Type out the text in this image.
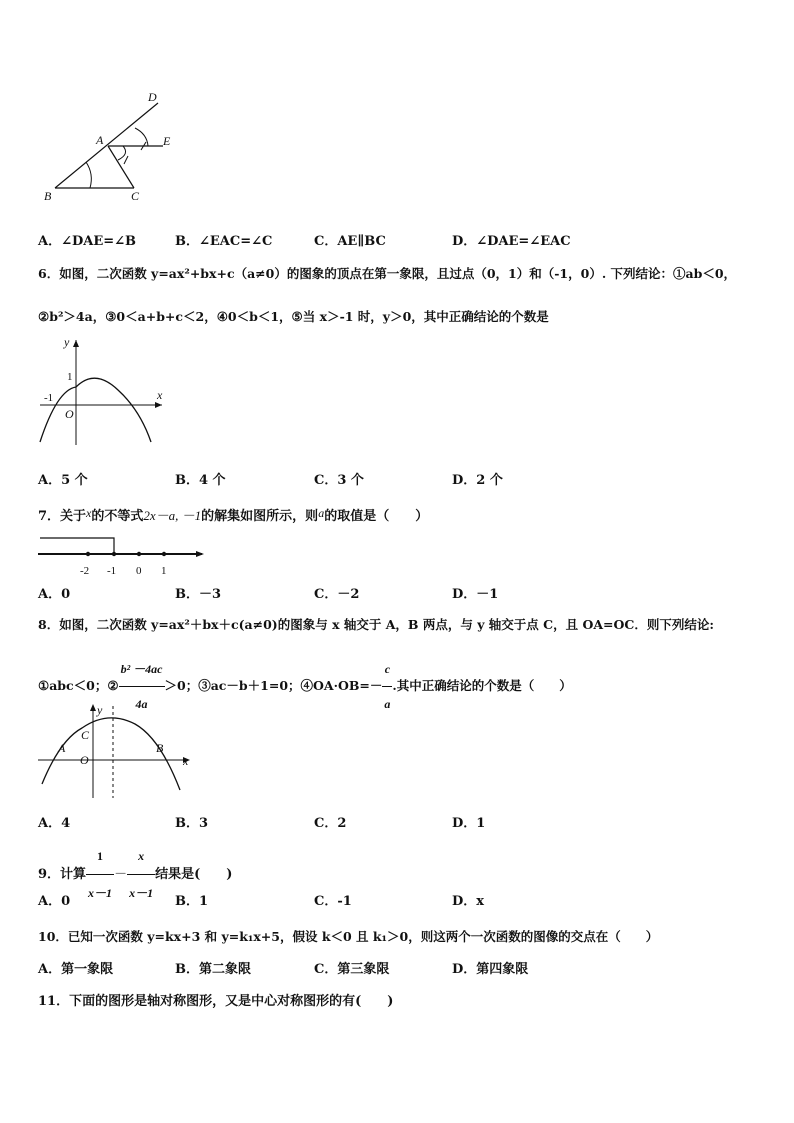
D
A	E
B	C
A．∠DAE=∠B	B．∠EAC=∠C	C．AE∥BC	D．∠DAE=∠EAC
6．如图，二次函数 y=ax²+bx+c（a≠0）的图象的顶点在第一象限，且过点（0，1）和（-1，0）. 下列结论：①ab＜0，
②b²＞4a，③0＜a+b+c＜2，④0＜b＜1，⑤当 x＞-1 时，y＞0，其中正确结论的个数是
y
x
1
-1
O
A．5 个	B．4 个	C．3 个	D．2 个
7．关于x的不等式2x－a, －1的解集如图所示，则a的取值是（　　）
-2 -1 0 1
A．0	B．－3	C．－2	D．－1
8．如图，二次函数 y=ax²＋bx＋c(a≠0)的图象与 x 轴交于 A，B 两点，与 y 轴交于点 C，且 OA=OC．则下列结论:
①abc＜0；② $\frac{\text{b² －4ac}}{4a} >0$；③ac－b＋1=0；④OA·OB=－ $\frac{c}{a}$ .其中正确结论的个数是（　　）
y
x
A	B
C
O
A．4	B．3	C．2	D．1
9．计算 $\frac{1}{x-1} - \frac{x}{x-1}$ 结果是(　　)
A．0	B．1	C．-1	D．x
10．已知一次函数 y=kx+3 和 y=k₁x+5，假设 k＜0 且 k₁＞0，则这两个一次函数的图像的交点在（　　）
A．第一象限	B．第二象限	C．第三象限	D．第四象限
11．下面的图形是轴对称图形，又是中心对称图形的有(　　)
